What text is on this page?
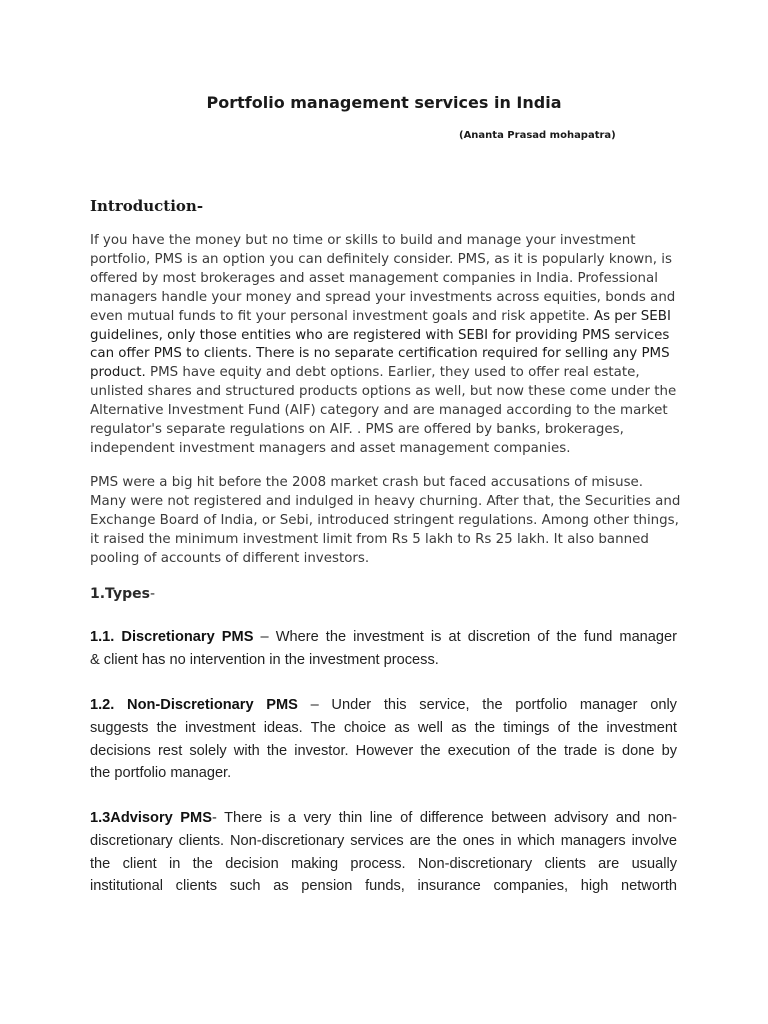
Portfolio management services in India

(Ananta Prasad mohapatra)

Introduction-
If you have the money but no time or skills to build and manage your investment
portfolio, PMS is an option you can definitely consider. PMS, as it is popularly known, is
offered by most brokerages and asset management companies in India. Professional
managers handle your money and spread your investments across equities, bonds and
even mutual funds to fit your personal investment goals and risk appetite. As per SEBI
guidelines, only those entities who are registered with SEBI for providing PMS services
can offer PMS to clients. There is no separate certification required for selling any PMS
product. PMS have equity and debt options. Earlier, they used to offer real estate,
unlisted shares and structured products options as well, but now these come under the
Alternative Investment Fund (AIF) category and are managed according to the market
regulator's separate regulations on AIF. . PMS are offered by banks, brokerages,
independent investment managers and asset management companies.
PMS were a big hit before the 2008 market crash but faced accusations of misuse.
Many were not registered and indulged in heavy churning. After that, the Securities and
Exchange Board of India, or Sebi, introduced stringent regulations. Among other things,
it raised the minimum investment limit from Rs 5 lakh to Rs 25 lakh. It also banned
pooling of accounts of different investors.
1.Types-
1.1. Discretionary PMS – Where the investment is at discretion of the fund manager
& client has no intervention in the investment process.
1.2. Non-Discretionary PMS – Under this service, the portfolio manager only
suggests the investment ideas. The choice as well as the timings of the investment
decisions rest solely with the investor. However the execution of the trade is done by
the portfolio manager.
1.3Advisory PMS- There is a very thin line of difference between advisory and non-
discretionary clients. Non-discretionary services are the ones in which managers involve
the client in the decision making process. Non-discretionary clients are usually
institutional clients such as pension funds, insurance companies, high networth
